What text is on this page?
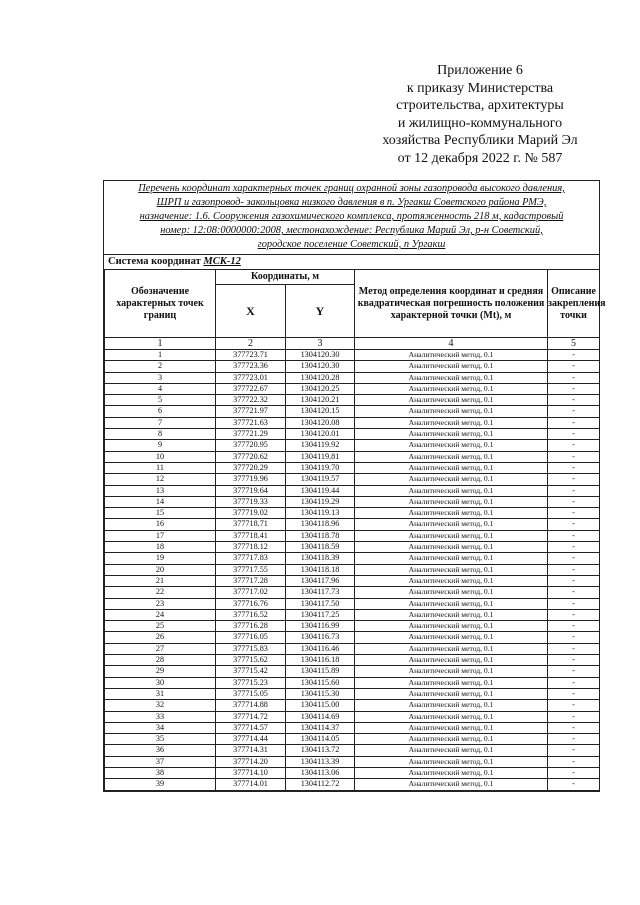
Приложение 6
к приказу Министерства
строительства, архитектуры
и жилищно-коммунального
хозяйства Республики Марий Эл
от 12 декабря 2022 г. № 587
Перечень координат характерных точек границ охранной зоны газопровода высокого давления,
ШРП и газопровод- закольцовка низкого давления в п. Ургакш Советского района РМЭ,
назначение: 1.6. Сооружения газохимического комплекса, протяженность 218 м, кадастровый
номер: 12:08:0000000:2008, местонахождение: Республика Марий Эл, р-н Советский,
городское поселение Советский, п Ургакш
Система координат МСК-12
Обозначение характерных точек границ	Координаты, м		Метод определения координат и средняя квадратическая погрешность положения характерной точки (Mt), м	Описание закрепления точки
	X	Y		
1	2	3	4	5
1	377723.71	1304120.30	Аналитический метод, 0.1	-
2	377723.36	1304120.30	Аналитический метод, 0.1	-
3	377723.01	1304120.28	Аналитический метод, 0.1	-
4	377722.67	1304120.25	Аналитический метод, 0.1	-
5	377722.32	1304120.21	Аналитический метод, 0.1	-
6	377721.97	1304120.15	Аналитический метод, 0.1	-
7	377721.63	1304120.08	Аналитический метод, 0.1	-
8	377721.29	1304120.01	Аналитический метод, 0.1	-
9	377720.95	1304119.92	Аналитический метод, 0.1	-
10	377720.62	1304119.81	Аналитический метод, 0.1	-
11	377720.29	1304119.70	Аналитический метод, 0.1	-
12	377719.96	1304119.57	Аналитический метод, 0.1	-
13	377719.64	1304119.44	Аналитический метод, 0.1	-
14	377719.33	1304119.29	Аналитический метод, 0.1	-
15	377719.02	1304119.13	Аналитический метод, 0.1	-
16	377718.71	1304118.96	Аналитический метод, 0.1	-
17	377718.41	1304118.78	Аналитический метод, 0.1	-
18	377718.12	1304118.59	Аналитический метод, 0.1	-
19	377717.83	1304118.39	Аналитический метод, 0.1	-
20	377717.55	1304118.18	Аналитический метод, 0.1	-
21	377717.28	1304117.96	Аналитический метод, 0.1	-
22	377717.02	1304117.73	Аналитический метод, 0.1	-
23	377716.76	1304117.50	Аналитический метод, 0.1	-
24	377716.52	1304117.25	Аналитический метод, 0.1	-
25	377716.28	1304116.99	Аналитический метод, 0.1	-
26	377716.05	1304116.73	Аналитический метод, 0.1	-
27	377715.83	1304116.46	Аналитический метод, 0.1	-
28	377715.62	1304116.18	Аналитический метод, 0.1	-
29	377715.42	1304115.89	Аналитический метод, 0.1	-
30	377715.23	1304115.60	Аналитический метод, 0.1	-
31	377715.05	1304115.30	Аналитический метод, 0.1	-
32	377714.88	1304115.00	Аналитический метод, 0.1	-
33	377714.72	1304114.69	Аналитический метод, 0.1	-
34	377714.57	1304114.37	Аналитический метод, 0.1	-
35	377714.44	1304114.05	Аналитический метод, 0.1	-
36	377714.31	1304113.72	Аналитический метод, 0.1	-
37	377714.20	1304113.39	Аналитический метод, 0.1	-
38	377714.10	1304113.06	Аналитический метод, 0.1	-
39	377714.01	1304112.72	Аналитический метод, 0.1	-
